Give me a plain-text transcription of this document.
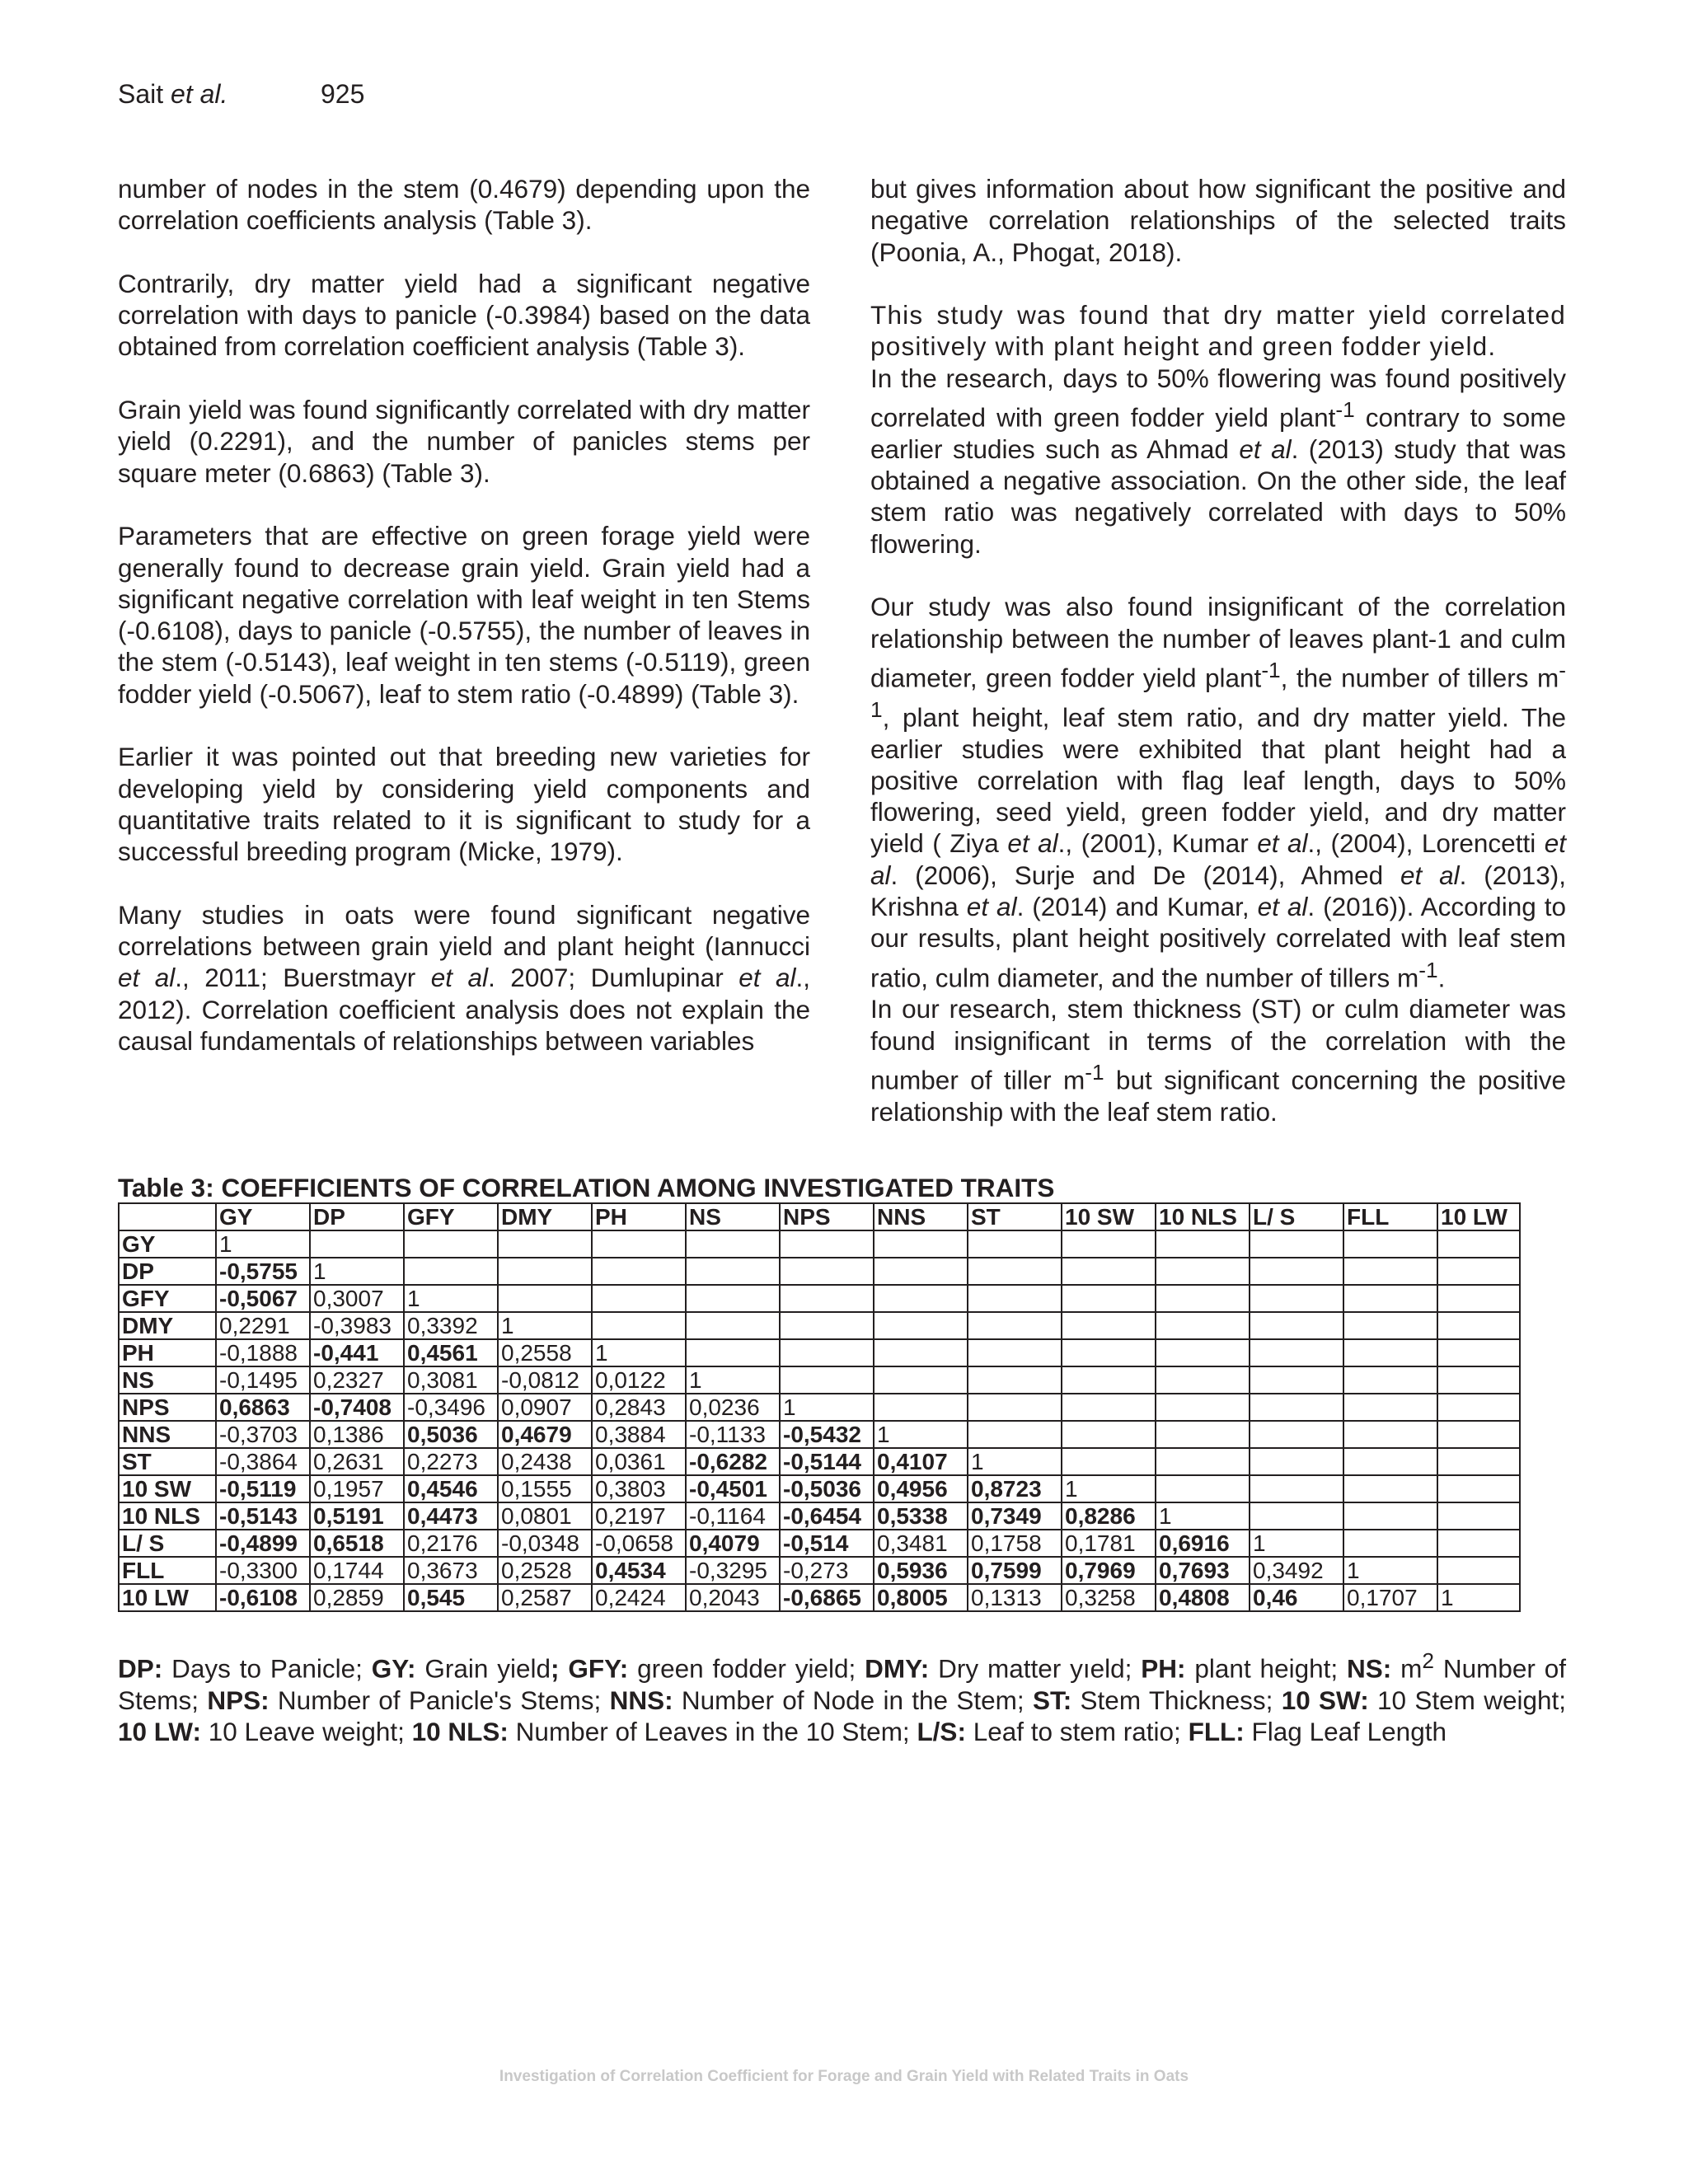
Sait et al.	925

number of nodes in the stem (0.4679) depending upon the correlation coefficients analysis (Table 3).

Contrarily, dry matter yield had a significant negative correlation with days to panicle (-0.3984) based on the data obtained from correlation coefficient analysis (Table 3).

Grain yield was found significantly correlated with dry matter yield (0.2291), and the number of panicles stems per square meter (0.6863) (Table 3).

Parameters that are effective on green forage yield were generally found to decrease grain yield. Grain yield had a significant negative correlation with leaf weight in ten Stems (-0.6108), days to panicle (-0.5755), the number of leaves in the stem (-0.5143), leaf weight in ten stems (-0.5119), green fodder yield (-0.5067), leaf to stem ratio (-0.4899) (Table 3).

Earlier it was pointed out that breeding new varieties for developing yield by considering yield components and quantitative traits related to it is significant to study for a successful breeding program (Micke, 1979).

Many studies in oats were found significant negative correlations between grain yield and plant height (Iannucci et al., 2011; Buerstmayr et al. 2007; Dumlupinar et al., 2012). Correlation coefficient analysis does not explain the causal fundamentals of relationships between variables

but gives information about how significant the positive and negative correlation relationships of the selected traits (Poonia, A., Phogat, 2018).

This study was found that dry matter yield correlated positively with plant height and green fodder yield.

In the research, days to 50% flowering was found positively correlated with green fodder yield plant$^{-1}$ contrary to some earlier studies such as Ahmad et al. (2013) study that was obtained a negative association. On the other side, the leaf stem ratio was negatively correlated with days to 50% flowering.

Our study was also found insignificant of the correlation relationship between the number of leaves plant-1 and culm diameter, green fodder yield plant$^{-1}$, the number of tillers $m^{-1}$, plant height, leaf stem ratio, and dry matter yield. The earlier studies were exhibited that plant height had a positive correlation with flag leaf length, days to 50% flowering, seed yield, green fodder yield, and dry matter yield ( Ziya et al., (2001), Kumar et al., (2004), Lorencetti et al. (2006), Surje and De (2014), Ahmed et al. (2013), Krishna et al. (2014) and Kumar, et al. (2016)). According to our results, plant height positively correlated with leaf stem ratio, culm diameter, and the number of tillers $m^{-1}$.

In our research, stem thickness (ST) or culm diameter was found insignificant in terms of the correlation with the number of tiller $m^{-1}$ but significant concerning the positive relationship with the leaf stem ratio.

Table 3: COEFFICIENTS OF CORRELATION AMONG INVESTIGATED TRAITS
	GY	DP	GFY	DMY	PH	NS	NPS	NNS	ST	10 SW	10 NLS	L/ S	FLL	10 LW
GY	1													
DP	-0,5755	1												
GFY	-0,5067	0,3007	1											
DMY	0,2291	-0,3983	0,3392	1										
PH	-0,1888	-0,441	0,4561	0,2558	1									
NS	-0,1495	0,2327	0,3081	-0,0812	0,0122	1								
NPS	0,6863	-0,7408	-0,3496	0,0907	0,2843	0,0236	1							
NNS	-0,3703	0,1386	0,5036	0,4679	0,3884	-0,1133	-0,5432	1						
ST	-0,3864	0,2631	0,2273	0,2438	0,0361	-0,6282	-0,5144	0,4107	1					
10 SW	-0,5119	0,1957	0,4546	0,1555	0,3803	-0,4501	-0,5036	0,4956	0,8723	1				
10 NLS	-0,5143	0,5191	0,4473	0,0801	0,2197	-0,1164	-0,6454	0,5338	0,7349	0,8286	1			
L/ S	-0,4899	0,6518	0,2176	-0,0348	-0,0658	0,4079	-0,514	0,3481	0,1758	0,1781	0,6916	1		
FLL	-0,3300	0,1744	0,3673	0,2528	0,4534	-0,3295	-0,273	0,5936	0,7599	0,7969	0,7693	0,3492	1	
10 LW	-0,6108	0,2859	0,545	0,2587	0,2424	0,2043	-0,6865	0,8005	0,1313	0,3258	0,4808	0,46	0,1707	1
DP: Days to Panicle; GY: Grain yield; GFY: green fodder yield; DMY: Dry matter yıeld; PH: plant height; NS: $m^2$ Number of Stems; NPS: Number of Panicle's Stems; NNS: Number of Node in the Stem; ST: Stem Thickness; 10 SW: 10 Stem weight; 10 LW: 10 Leave weight; 10 NLS: Number of Leaves in the 10 Stem; L/S: Leaf to stem ratio; FLL: Flag Leaf Length
Investigation of Correlation Coefficient for Forage and Grain Yield with Related Traits in Oats
